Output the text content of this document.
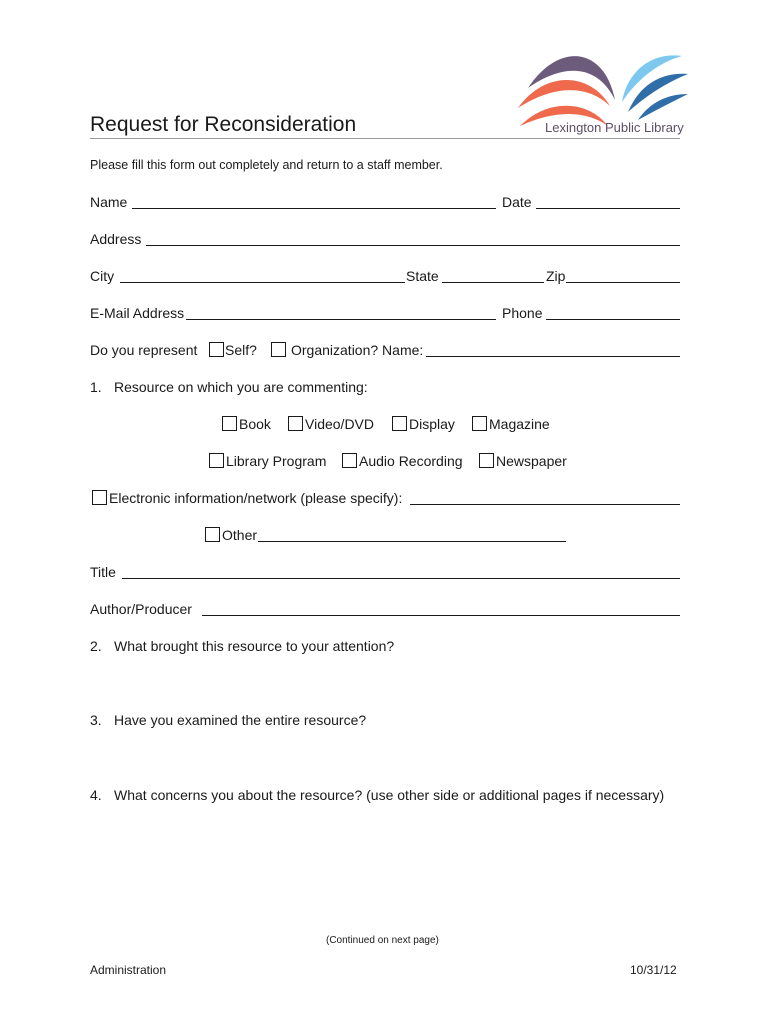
Lexington Public Library
Request for Reconsideration
Please fill this form out completely and return to a staff member.
Name	Date
Address
City	State	Zip
E-Mail Address	Phone
Do you represent Self? Organization? Name:
1. Resource on which you are commenting:
Book Video/DVD Display Magazine
Library Program Audio Recording Newspaper
Electronic information/network (please specify):
Other
Title
Author/Producer
2. What brought this resource to your attention?
3. Have you examined the entire resource?
4. What concerns you about the resource? (use other side or additional pages if necessary)
(Continued on next page)
Administration	10/31/12
